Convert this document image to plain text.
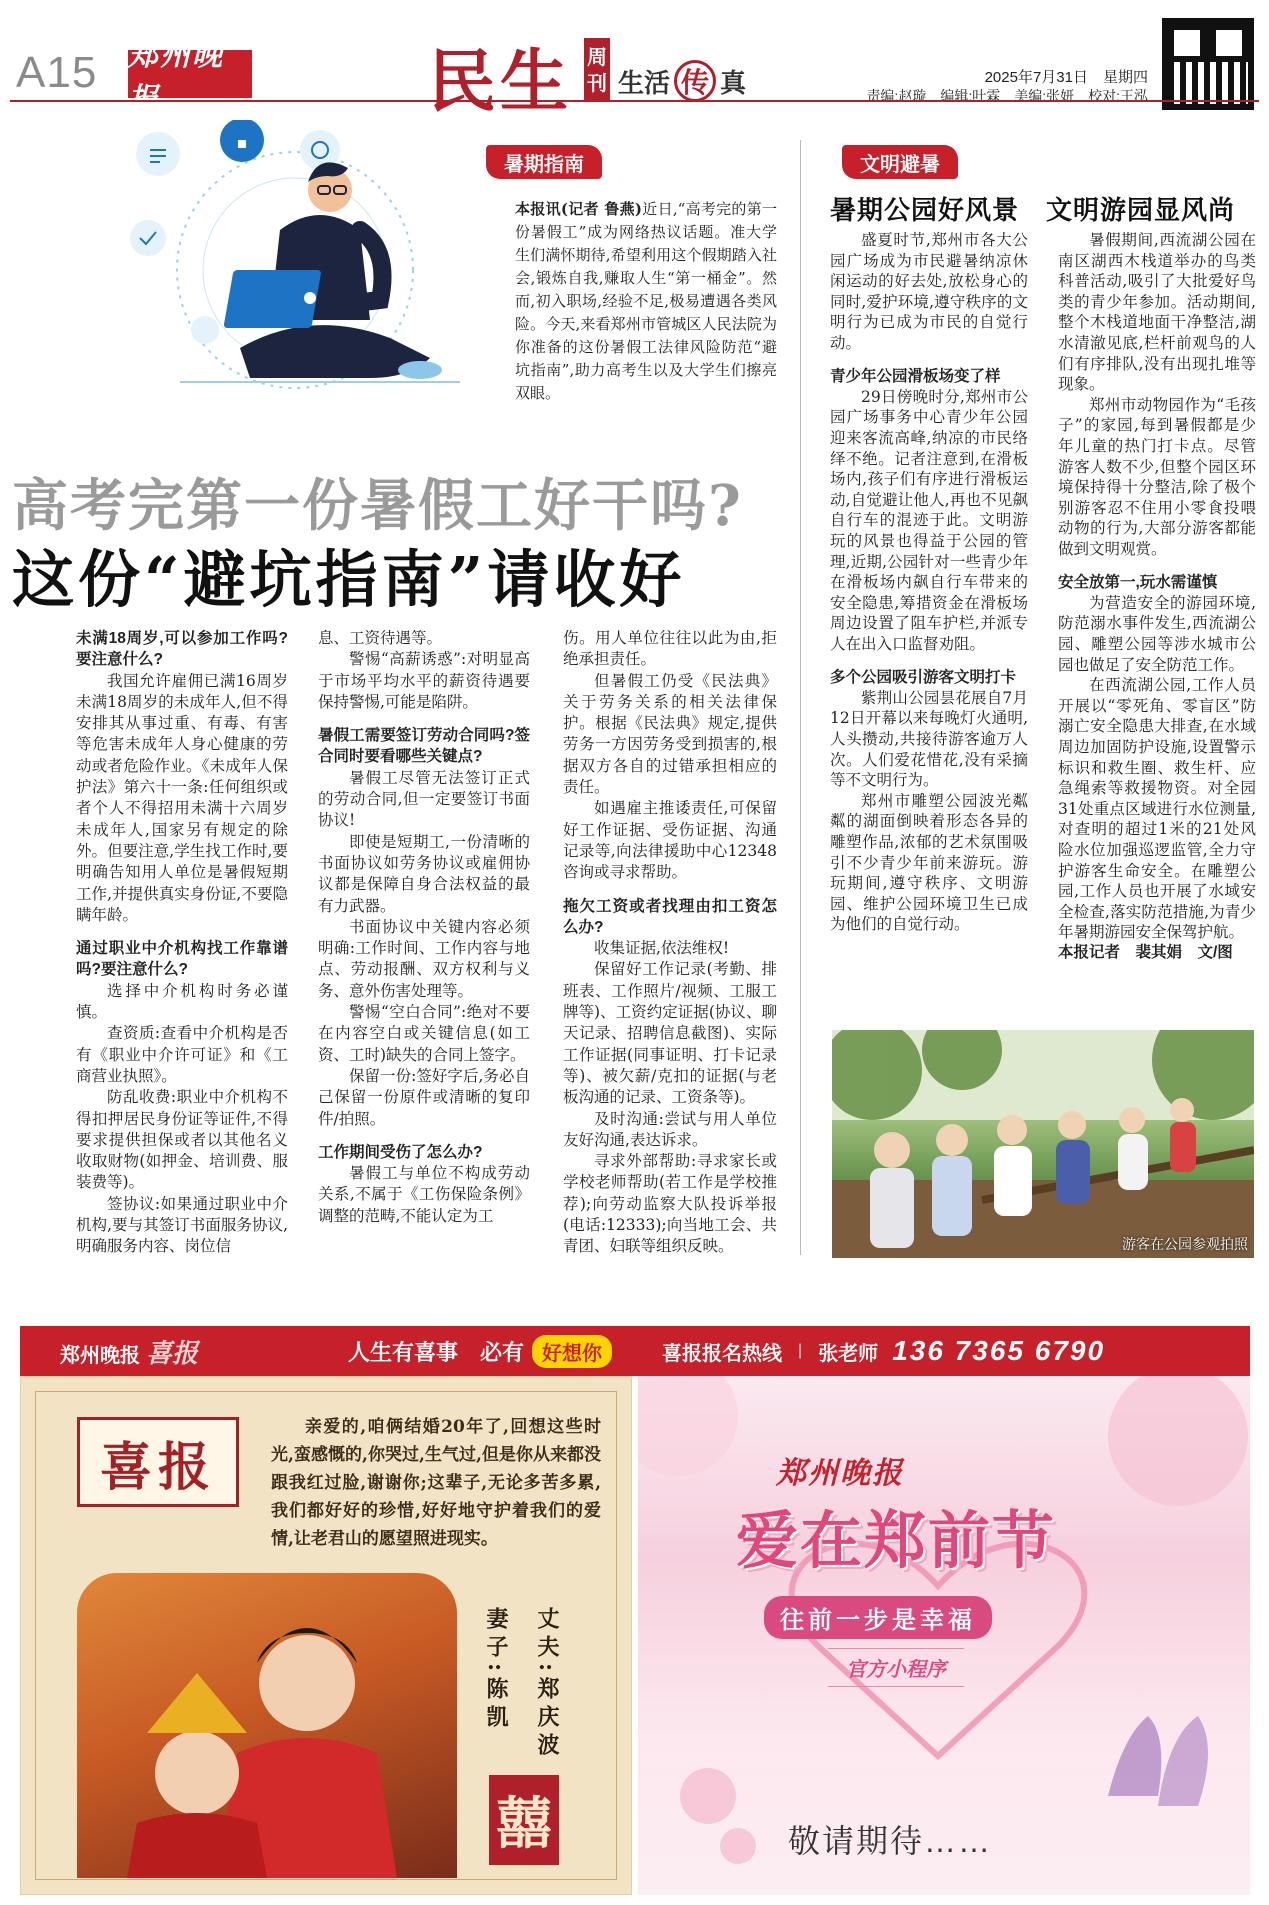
A15 郑州晚报	民生 周
刊 生活 传 真	2025年7月31日　星期四
责编:赵璇　编辑:叶霖　美编:张妍　校对:王泓
暑期指南	文明避暑
本报讯(记者 鲁燕)近日,“高考完的第一份暑假工”成为网络热议话题。准大学生们满怀期待,希望利用这个假期踏入社会,锻炼自我,赚取人生“第一桶金”。然而,初入职场,经验不足,极易遭遇各类风险。今天,来看郑州市管城区人民法院为你准备的这份暑假工法律风险防范“避坑指南”,助力高考生以及大学生们擦亮双眼。
高考完第一份暑假工好干吗?
这份“避坑指南”请收好
未满18周岁,可以参加工作吗?要注意什么?

我国允许雇佣已满16周岁未满18周岁的未成年人,但不得安排其从事过重、有毒、有害等危害未成年人身心健康的劳动或者危险作业。《未成年人保护法》第六十一条:任何组织或者个人不得招用未满十六周岁未成年人,国家另有规定的除外。但要注意,学生找工作时,要明确告知用人单位是暑假短期工作,并提供真实身份证,不要隐瞒年龄。

通过职业中介机构找工作靠谱吗?要注意什么?

选择中介机构时务必谨慎。

查资质:查看中介机构是否有《职业中介许可证》和《工商营业执照》。

防乱收费:职业中介机构不得扣押居民身份证等证件,不得要求提供担保或者以其他名义收取财物(如押金、培训费、服装费等)。

签协议:如果通过职业中介机构,要与其签订书面服务协议,明确服务内容、岗位信

息、工资待遇等。

警惕“高薪诱惑”:对明显高于市场平均水平的薪资待遇要保持警惕,可能是陷阱。

暑假工需要签订劳动合同吗?签合同时要看哪些关键点?

暑假工尽管无法签订正式的劳动合同,但一定要签订书面协议!

即使是短期工,一份清晰的书面协议如劳务协议或雇佣协议都是保障自身合法权益的最有力武器。

书面协议中关键内容必须明确:工作时间、工作内容与地点、劳动报酬、双方权利与义务、意外伤害处理等。

警惕“空白合同”:绝对不要在内容空白或关键信息(如工资、工时)缺失的合同上签字。

保留一份:签好字后,务必自己保留一份原件或清晰的复印件/拍照。

工作期间受伤了怎么办?

暑假工与单位不构成劳动关系,不属于《工伤保险条例》调整的范畴,不能认定为工

伤。用人单位往往以此为由,拒绝承担责任。

但暑假工仍受《民法典》关于劳务关系的相关法律保护。根据《民法典》规定,提供劳务一方因劳务受到损害的,根据双方各自的过错承担相应的责任。

如遇雇主推诿责任,可保留好工作证据、受伤证据、沟通记录等,向法律援助中心12348咨询或寻求帮助。

拖欠工资或者找理由扣工资怎么办?

收集证据,依法维权!

保留好工作记录(考勤、排班表、工作照片/视频、工服工牌等)、工资约定证据(协议、聊天记录、招聘信息截图)、实际工作证据(同事证明、打卡记录等)、被欠薪/克扣的证据(与老板沟通的记录、工资条等)。

及时沟通:尝试与用人单位友好沟通,表达诉求。

寻求外部帮助:寻求家长或学校老师帮助(若工作是学校推荐);向劳动监察大队投诉举报(电话:12333);向当地工会、共青团、妇联等组织反映。

暑期公园好风景　文明游园显风尚

盛夏时节,郑州市各大公园广场成为市民避暑纳凉休闲运动的好去处,放松身心的同时,爱护环境,遵守秩序的文明行为已成为市民的自觉行动。

青少年公园滑板场变了样

29日傍晚时分,郑州市公园广场事务中心青少年公园迎来客流高峰,纳凉的市民络绎不绝。记者注意到,在滑板场内,孩子们有序进行滑板运动,自觉避让他人,再也不见飙自行车的混迹于此。文明游玩的风景也得益于公园的管理,近期,公园针对一些青少年在滑板场内飙自行车带来的安全隐患,筹措资金在滑板场周边设置了阻车护栏,并派专人在出入口监督劝阻。

多个公园吸引游客文明打卡

紫荆山公园昙花展自7月12日开幕以来每晚灯火通明,人头攒动,共接待游客逾万人次。人们爱花惜花,没有采摘等不文明行为。

郑州市雕塑公园波光粼粼的湖面倒映着形态各异的雕塑作品,浓郁的艺术氛围吸引不少青少年前来游玩。游玩期间,遵守秩序、文明游园、维护公园环境卫生已成为他们的自觉行动。

暑假期间,西流湖公园在南区湖西木栈道举办的鸟类科普活动,吸引了大批爱好鸟类的青少年参加。活动期间,整个木栈道地面干净整洁,湖水清澈见底,栏杆前观鸟的人们有序排队,没有出现扎堆等现象。

郑州市动物园作为“毛孩子”的家园,每到暑假都是少年儿童的热门打卡点。尽管游客人数不少,但整个园区环境保持得十分整洁,除了极个别游客忍不住用小零食投喂动物的行为,大部分游客都能做到文明观赏。

安全放第一,玩水需谨慎

为营造安全的游园环境,防范溺水事件发生,西流湖公园、雕塑公园等涉水城市公园也做足了安全防范工作。

在西流湖公园,工作人员开展以“零死角、零盲区”防溺亡安全隐患大排查,在水域周边加固防护设施,设置警示标识和救生圈、救生杆、应急绳索等救援物资。对全园31处重点区域进行水位测量,对查明的超过1米的21处风险水位加强巡逻监管,全力守护游客生命安全。在雕塑公园,工作人员也开展了水域安全检查,落实防范措施,为青少年暑期游园安全保驾护航。

本报记者　裴其娟　文/图

游客在公园参观拍照
郑州晚报 喜报	人生有喜事　必有 好想你	喜报报名热线 | 张老师 136 7365 6790
喜报
亲爱的,咱俩结婚20年了,回想这些时光,蛮感慨的,你哭过,生气过,但是你从来都没跟我红过脸,谢谢你;这辈子,无论多苦多累,我们都好好的珍惜,好好地守护着我们的爱情,让老君山的愿望照进现实。
妻子:陈凯 丈夫:郑庆波
囍
郑州晚报
爱在郑前节
往前一步是幸福
官方小程序
敬请期待……
